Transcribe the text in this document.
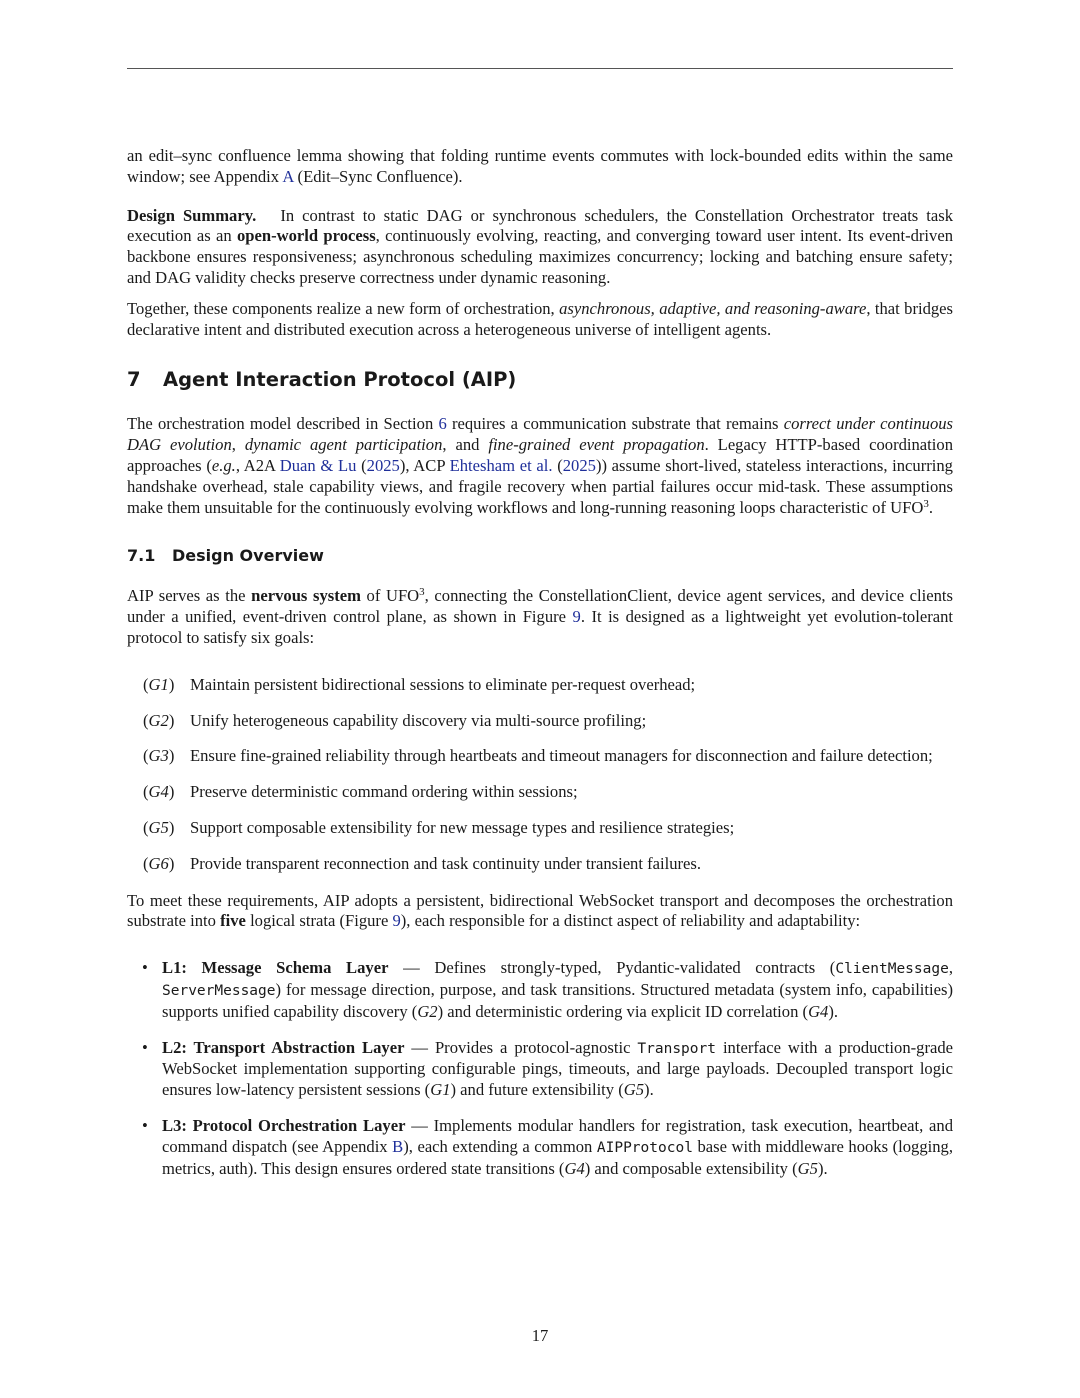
an edit–sync confluence lemma showing that folding runtime events commutes with lock-bounded edits within the same window; see Appendix A (Edit–Sync Confluence).

Design Summary. In contrast to static DAG or synchronous schedulers, the Constellation Orchestrator treats task execution as an open-world process, continuously evolving, reacting, and converging toward user intent. Its event-driven backbone ensures responsiveness; asynchronous scheduling maximizes concurrency; locking and batching ensure safety; and DAG validity checks preserve correctness under dynamic reasoning.

Together, these components realize a new form of orchestration, asynchronous, adaptive, and reasoning-aware, that bridges declarative intent and distributed execution across a heterogeneous universe of intelligent agents.

7 Agent Interaction Protocol (AIP)

The orchestration model described in Section 6 requires a communication substrate that remains correct under continuous DAG evolution, dynamic agent participation, and fine-grained event propagation. Legacy HTTP-based coordination approaches (e.g., A2A Duan & Lu (2025), ACP Ehtesham et al. (2025)) assume short-lived, stateless interactions, incurring handshake overhead, stale capability views, and fragile recovery when partial failures occur mid-task. These assumptions make them unsuitable for the continuously evolving workflows and long-running reasoning loops characteristic of UFO$^3$.

7.1 Design Overview

AIP serves as the nervous system of UFO$^3$, connecting the ConstellationClient, device agent services, and device clients under a unified, event-driven control plane, as shown in Figure 9. It is designed as a lightweight yet evolution-tolerant protocol to satisfy six goals:

(G1) Maintain persistent bidirectional sessions to eliminate per-request overhead;
(G2) Unify heterogeneous capability discovery via multi-source profiling;
(G3) Ensure fine-grained reliability through heartbeats and timeout managers for disconnection and failure detection;
(G4) Preserve deterministic command ordering within sessions;
(G5) Support composable extensibility for new message types and resilience strategies;
(G6) Provide transparent reconnection and task continuity under transient failures.

To meet these requirements, AIP adopts a persistent, bidirectional WebSocket transport and decomposes the orchestration substrate into five logical strata (Figure 9), each responsible for a distinct aspect of reliability and adaptability:

• L1: Message Schema Layer — Defines strongly-typed, Pydantic-validated contracts (ClientMessage, ServerMessage) for message direction, purpose, and task transitions. Structured metadata (system info, capabilities) supports unified capability discovery (G2) and deterministic ordering via explicit ID correlation (G4).
• L2: Transport Abstraction Layer — Provides a protocol-agnostic Transport interface with a production-grade WebSocket implementation supporting configurable pings, timeouts, and large payloads. Decoupled transport logic ensures low-latency persistent sessions (G1) and future extensibility (G5).
• L3: Protocol Orchestration Layer — Implements modular handlers for registration, task execution, heartbeat, and command dispatch (see Appendix B), each extending a common AIPProtocol base with middleware hooks (logging, metrics, auth). This design ensures ordered state transitions (G4) and composable extensibility (G5).
17
